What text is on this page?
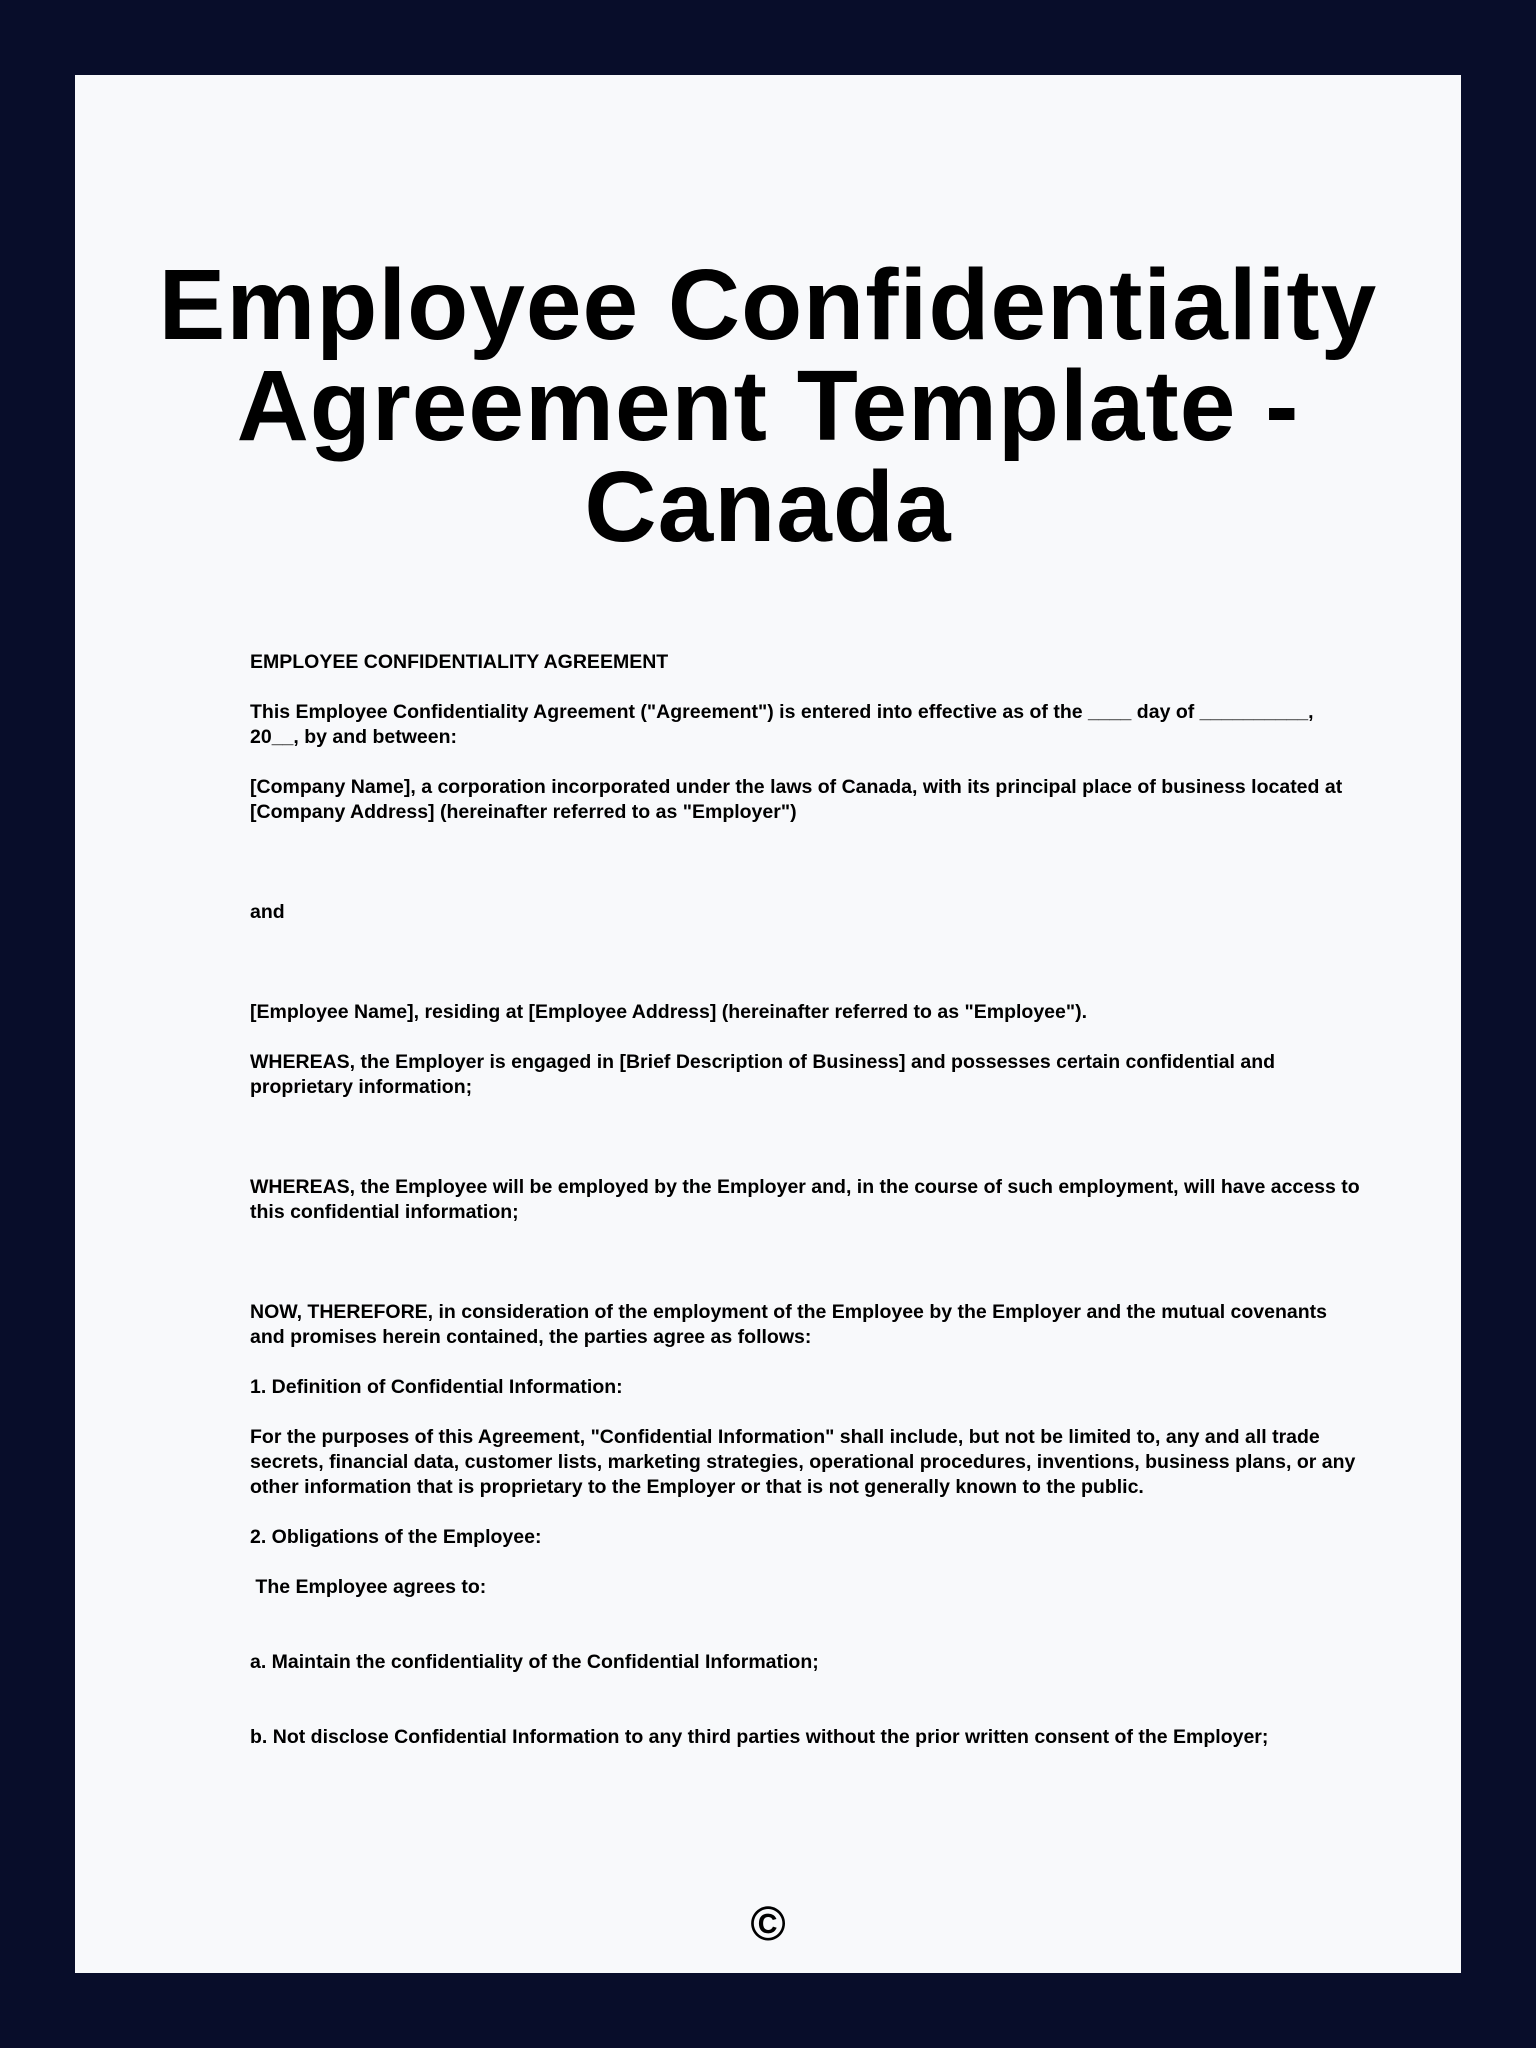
Employee Confidentiality
Agreement Template -
Canada

EMPLOYEE CONFIDENTIALITY AGREEMENT

This Employee Confidentiality Agreement ("Agreement") is entered into effective as of the ____ day of __________, 20__, by and between:

[Company Name], a corporation incorporated under the laws of Canada, with its principal place of business located at [Company Address] (hereinafter referred to as "Employer")

and

[Employee Name], residing at [Employee Address] (hereinafter referred to as "Employee").

WHEREAS, the Employer is engaged in [Brief Description of Business] and possesses certain confidential and proprietary information;

WHEREAS, the Employee will be employed by the Employer and, in the course of such employment, will have access to this confidential information;

NOW, THEREFORE, in consideration of the employment of the Employee by the Employer and the mutual covenants and promises herein contained, the parties agree as follows:

1. Definition of Confidential Information:

For the purposes of this Agreement, "Confidential Information" shall include, but not be limited to, any and all trade secrets, financial data, customer lists, marketing strategies, operational procedures, inventions, business plans, or any other information that is proprietary to the Employer or that is not generally known to the public.

2. Obligations of the Employee:

The Employee agrees to:

a. Maintain the confidentiality of the Confidential Information;

b. Not disclose Confidential Information to any third parties without the prior written consent of the Employer;

©
